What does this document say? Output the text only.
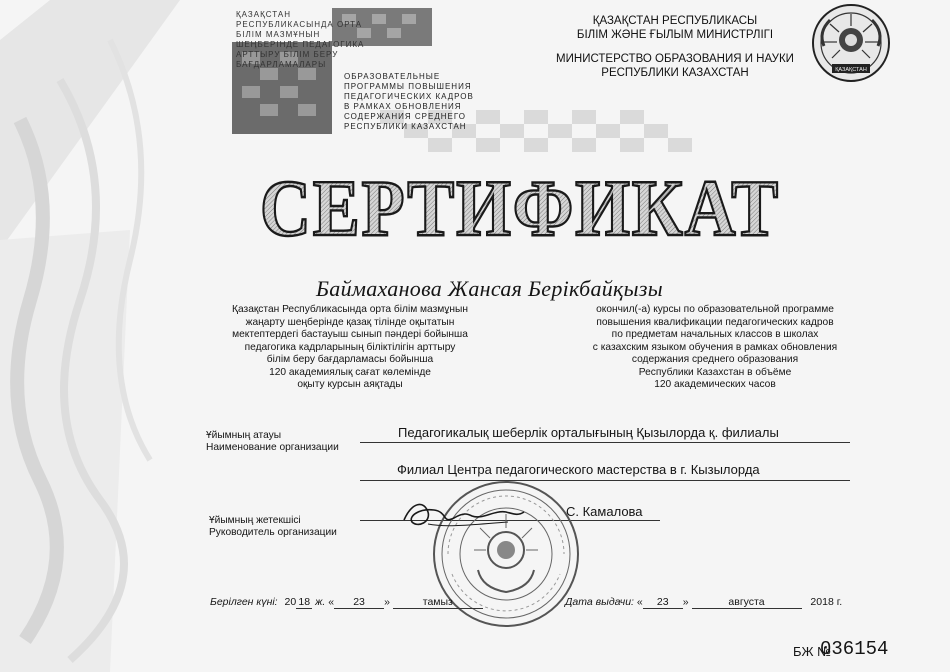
ҚАЗАҚСТАН
РЕСПУБЛИКАСЫНДА ОРТА
БІЛІМ МАЗМҰНЫН
ШЕҢБЕРІНДЕ ПЕДАГОГИКА
АРТТЫРУ БІЛІМ БЕРУ
БАҒДАРЛАМАЛАРЫ
ОБРАЗОВАТЕЛЬНЫЕ
ПРОГРАММЫ ПОВЫШЕНИЯ
ПЕДАГОГИЧЕСКИХ КАДРОВ
В РАМКАХ ОБНОВЛЕНИЯ
СОДЕРЖАНИЯ СРЕДНЕГО
РЕСПУБЛИКИ КАЗАХСТАН
ҚАЗАҚСТАН РЕСПУБЛИКАСЫ
БІЛІМ ЖӘНЕ ҒЫЛЫМ МИНИСТРЛІГІ
МИНИСТЕРСТВО ОБРАЗОВАНИЯ И НАУКИ
РЕСПУБЛИКИ КАЗАХСТАН	ҚАЗАҚСТАН
СЕРТИФИКАТ
Баймаханова Жансая Берікбайқызы
Қазақстан Республикасында орта білім мазмұнын
жаңарту шеңберінде қазақ тілінде оқытатын
мектептердегі бастауыш сынып пәндері бойынша
педагогика кадрларының біліктілігін арттыру
білім беру бағдарламасы бойынша
120 академиялық сағат көлемінде
оқыту курсын аяқтады
окончил(-а) курсы по образовательной программе
повышения квалификации педагогических кадров
по предметам начальных классов в школах
с казахским языком обучения в рамках обновления
содержания среднего образования
Республики Казахстан в объёме
120 академических часов
Ұйымның атауы
Наименование организации
Педагогикалық шеберлік орталығының Қызылорда қ. филиалы
Филиал Центра педагогического мастерства в г. Кызылорда
Ұйымның жетекшісі
Руководитель организации
С. Камалова
Берілген күні: 20 18 ж. « 23 »	тамыз	Дата выдачи: « 23 »	августа	2018 г.
БЖ №
036154
